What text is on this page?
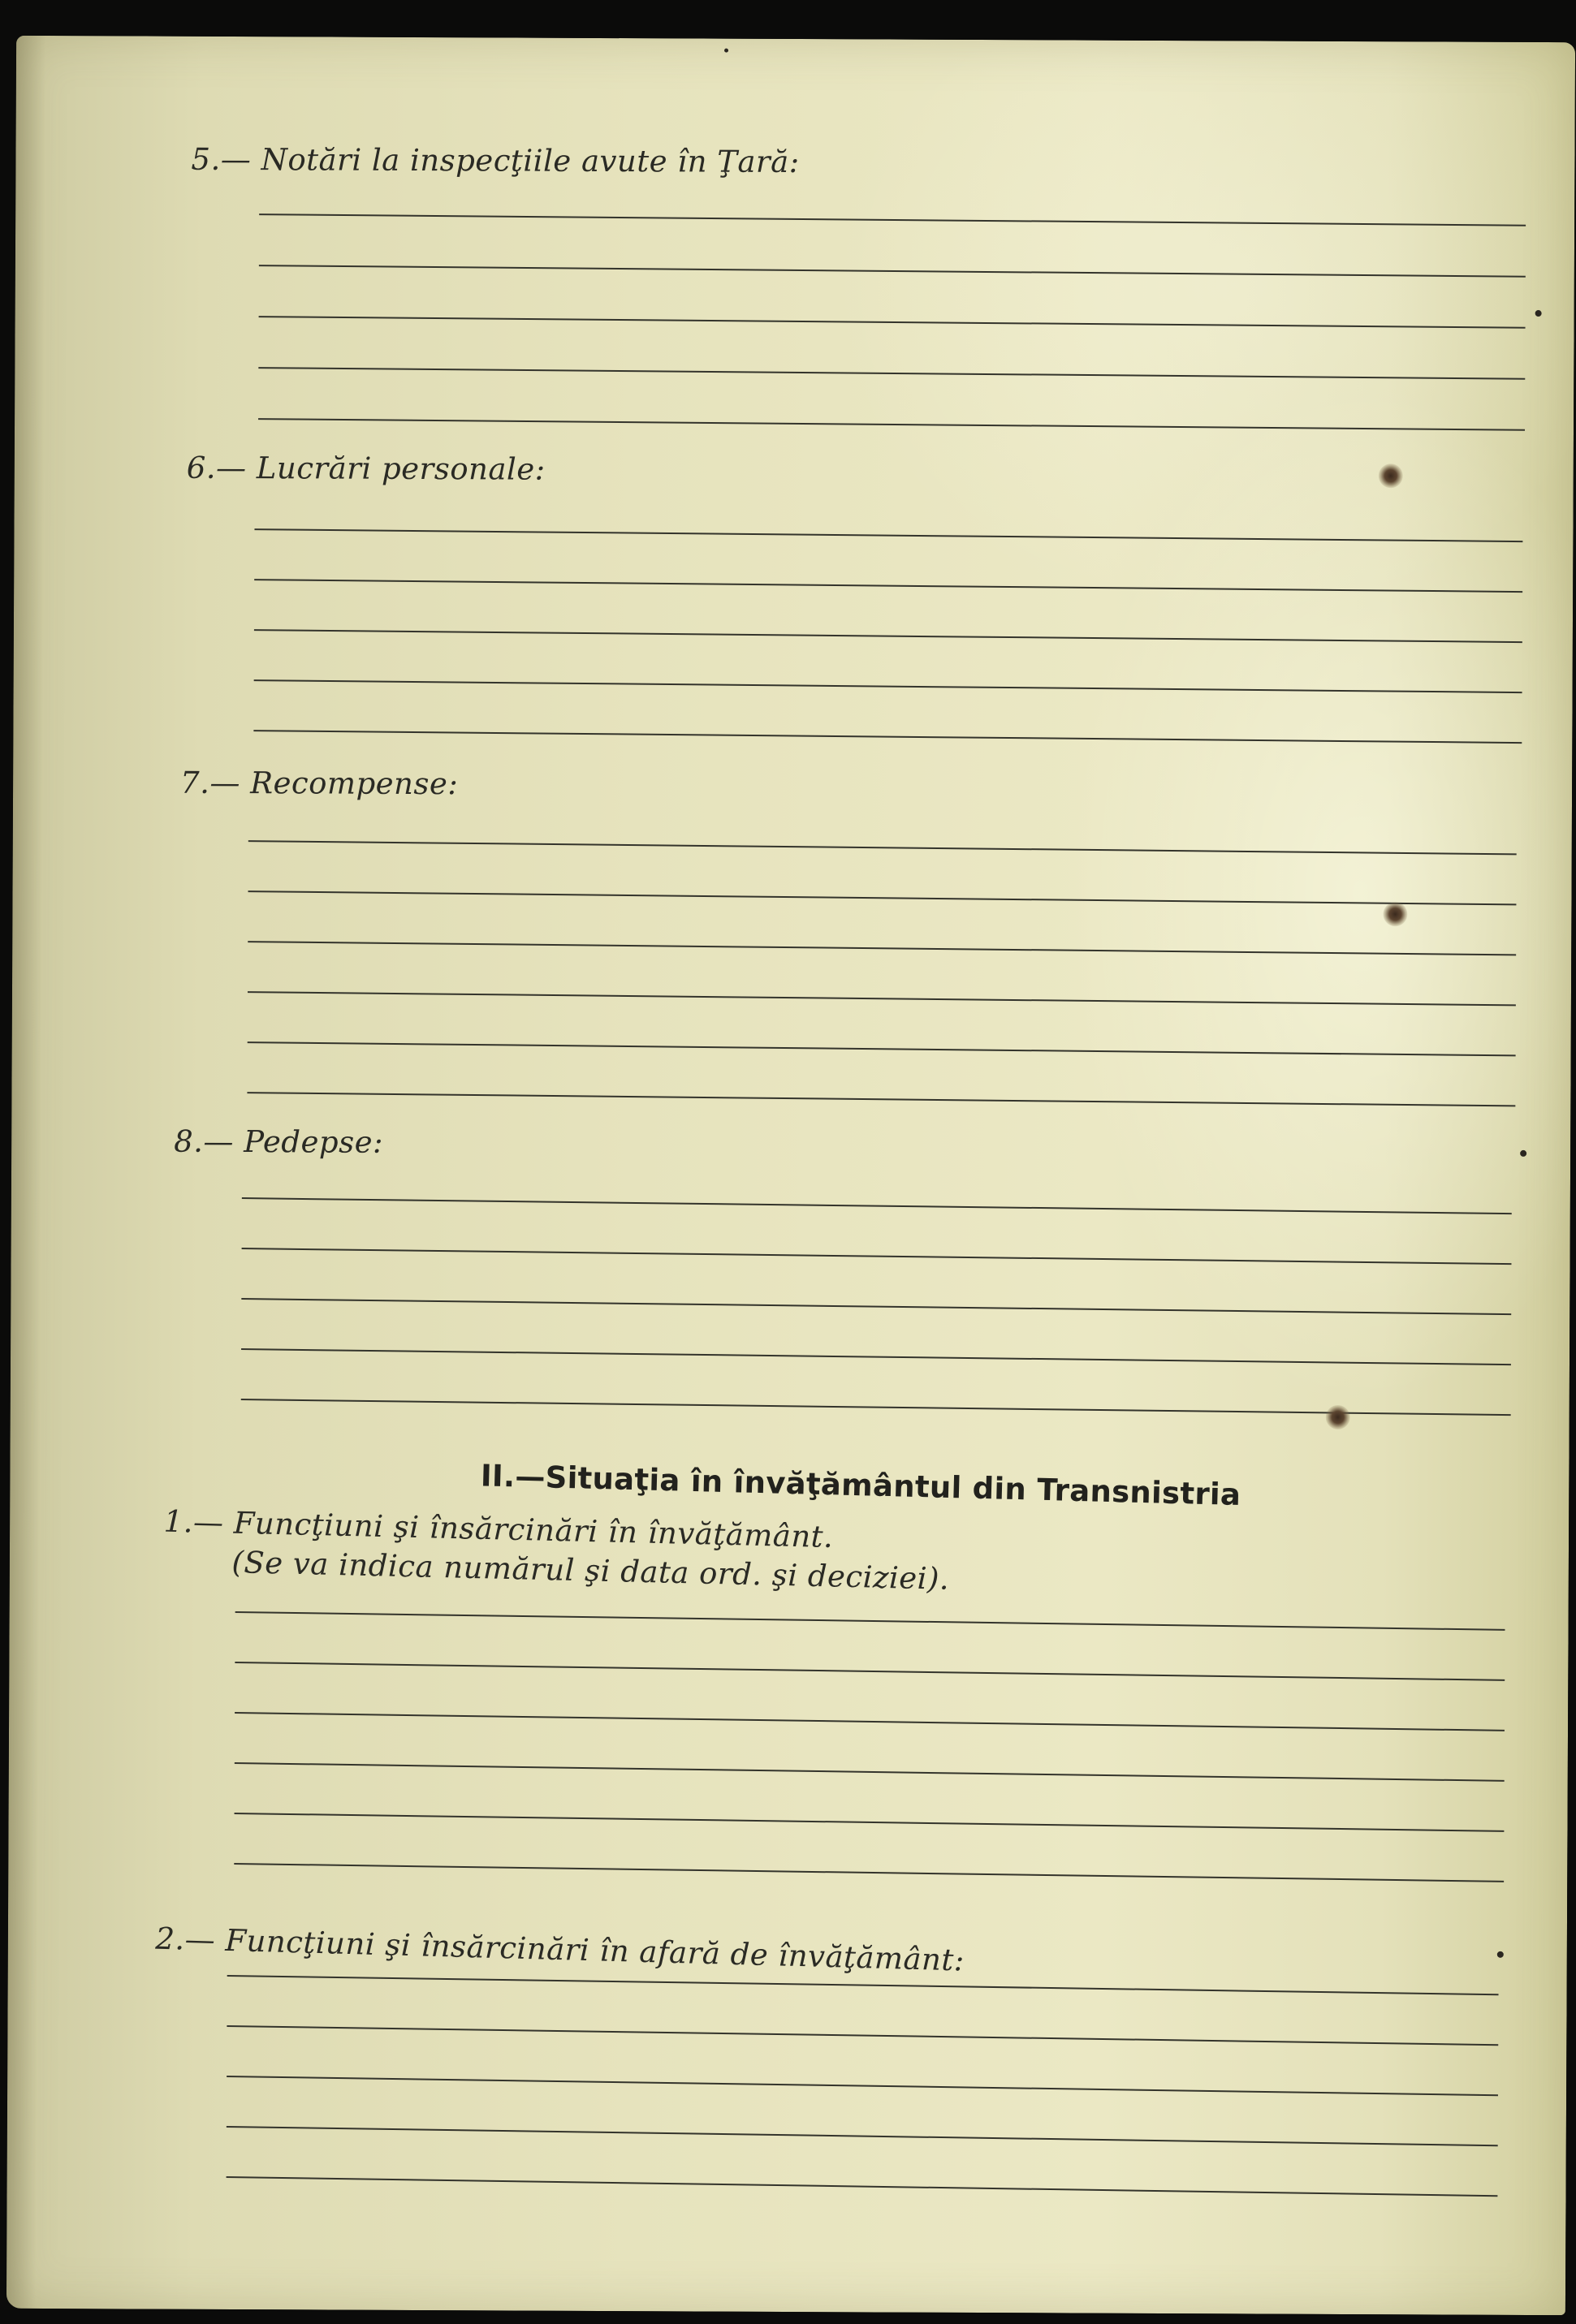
5.— Notări la inspecţiile avute în Ţară:
6.— Lucrări personale:
7.— Recompense:
8.— Pedepse:
II.—Situaţia în învăţământul din Transnistria
1.— Funcţiuni şi însărcinări în învăţământ.
(Se va indica numărul şi data ord. şi deciziei).
2.— Funcţiuni şi însărcinări în afară de învăţământ:
